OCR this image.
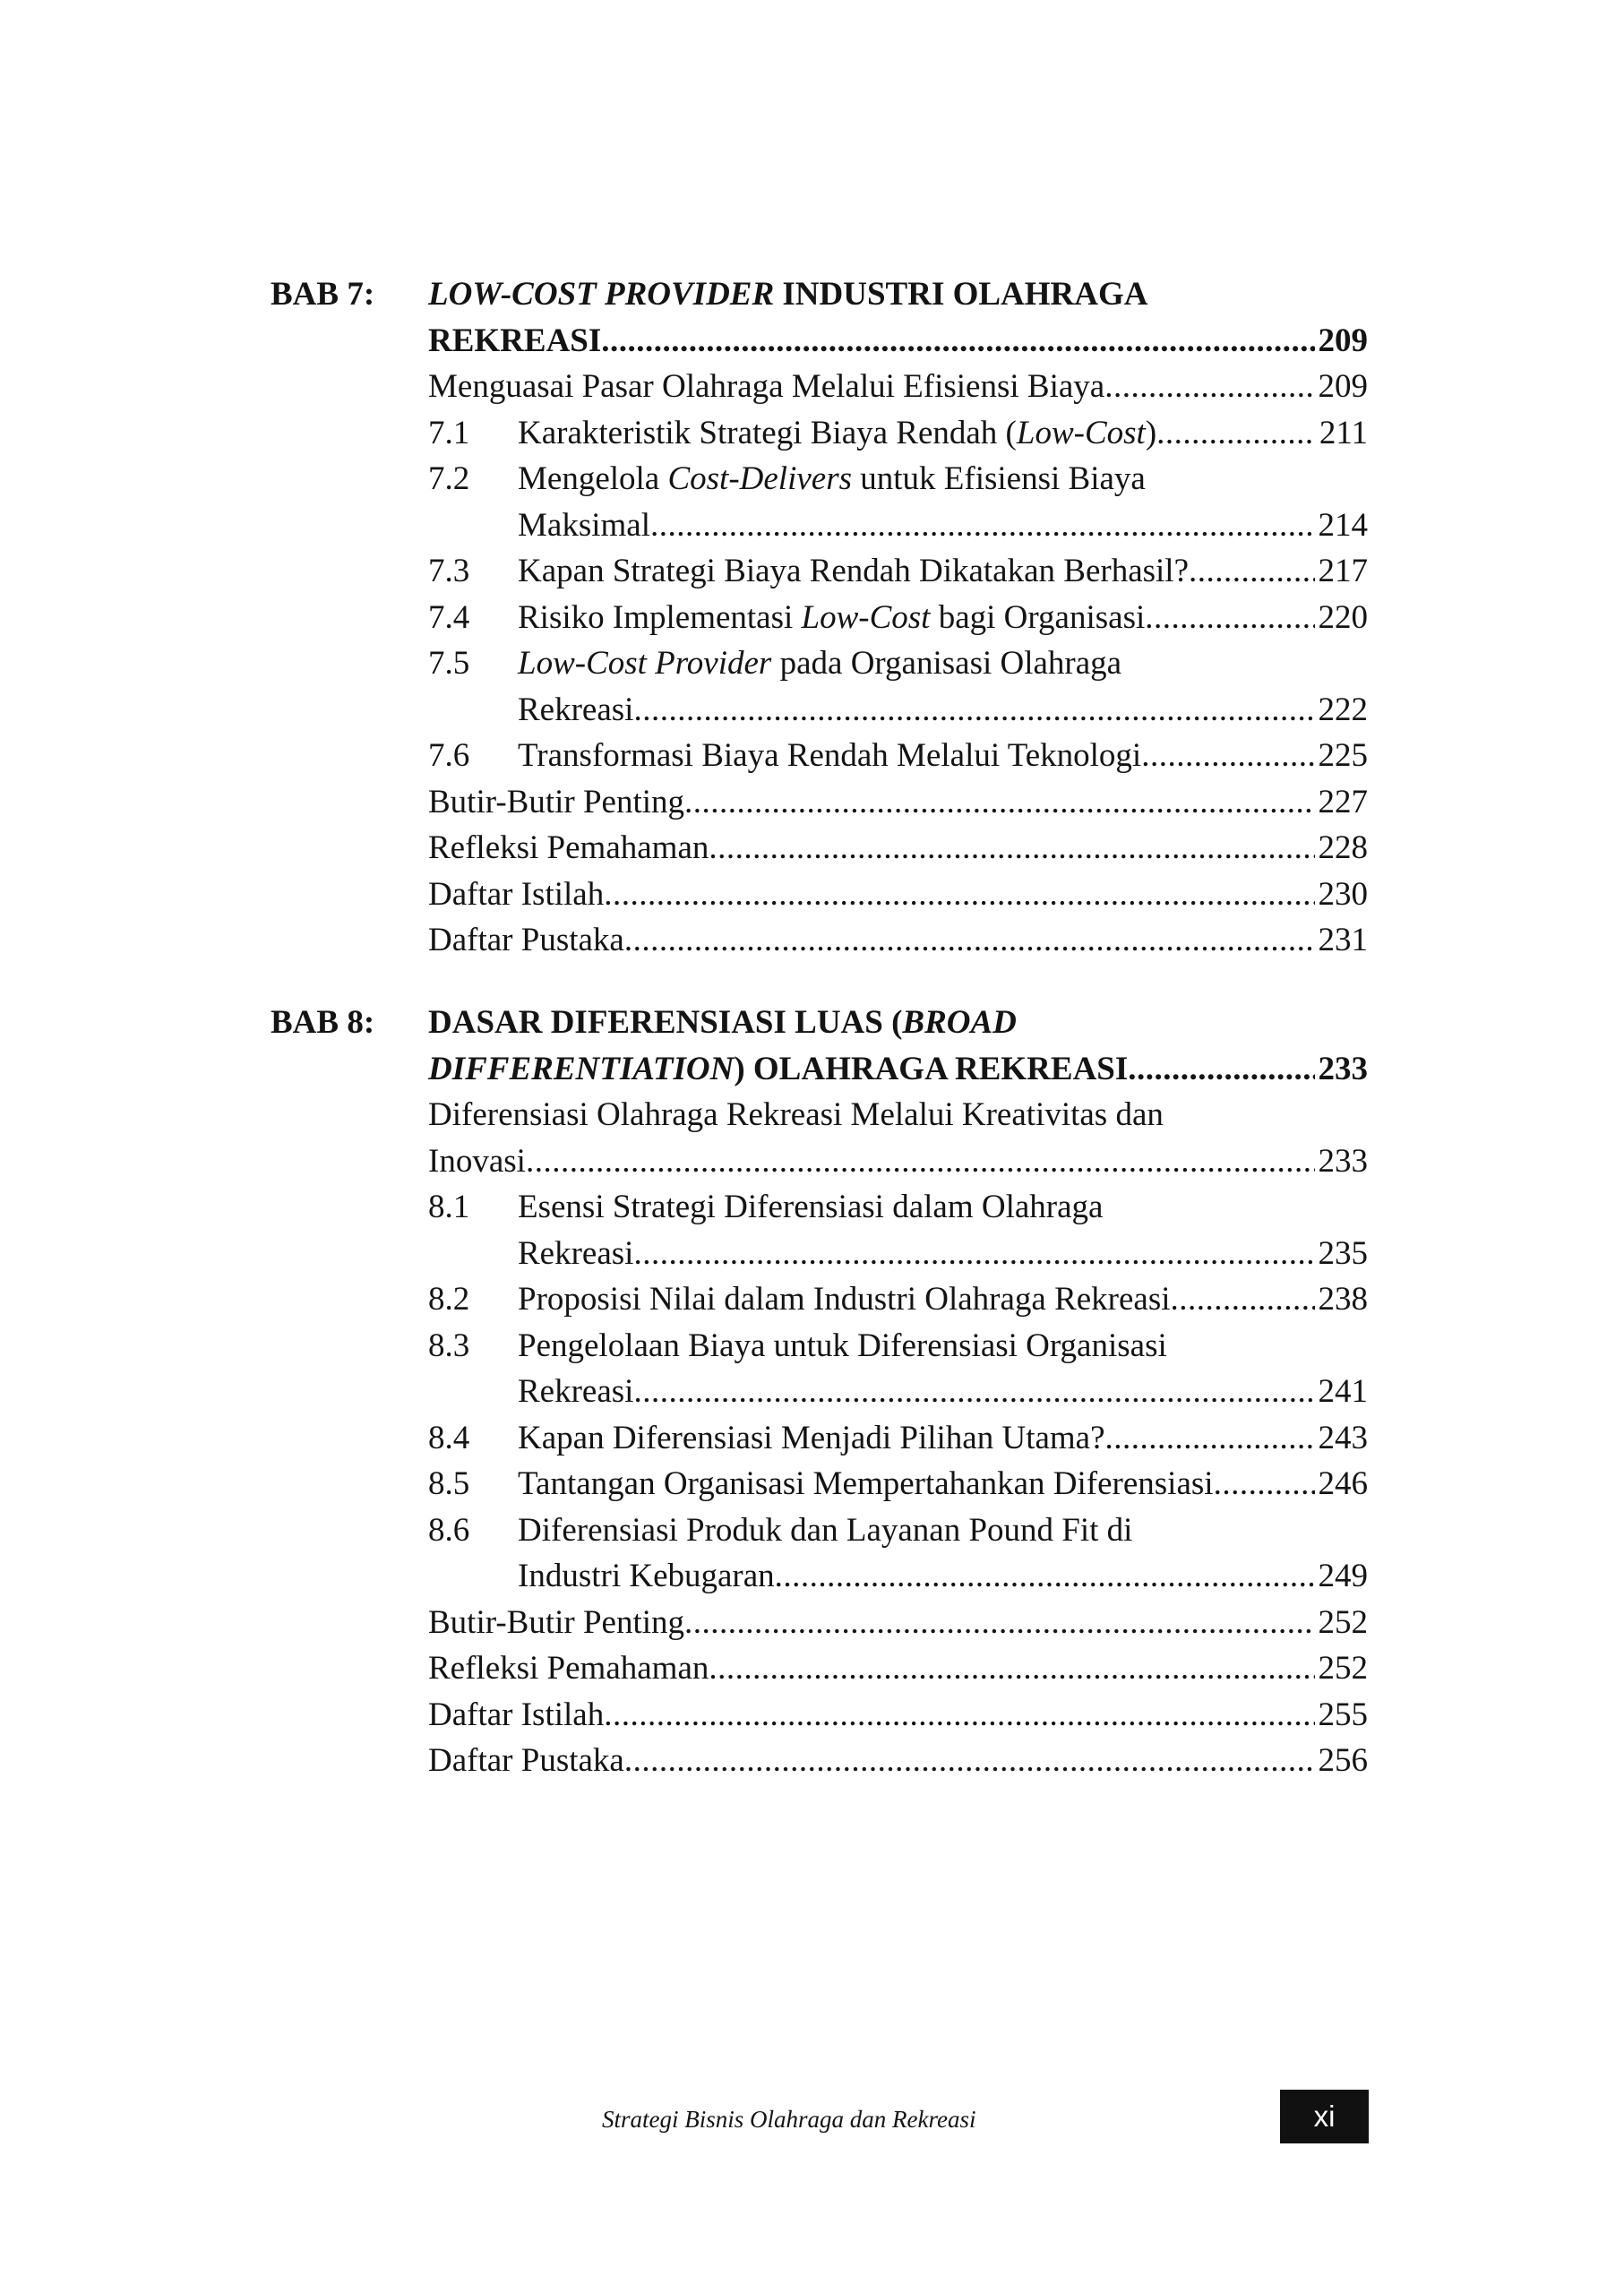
BAB 7: LOW-COST PROVIDER INDUSTRI OLAHRAGA
REKREASI .....	209
Menguasai Pasar Olahraga Melalui Efisiensi Biaya .....	209
7.1 Karakteristik Strategi Biaya Rendah (Low-Cost) .....	211
7.2 Mengelola Cost-Delivers untuk Efisiensi Biaya
Maksimal .....	214
7.3 Kapan Strategi Biaya Rendah Dikatakan Berhasil? .....	217
7.4 Risiko Implementasi Low-Cost bagi Organisasi .....	220
7.5 Low-Cost Provider pada Organisasi Olahraga
Rekreasi .....	222
7.6 Transformasi Biaya Rendah Melalui Teknologi .....	225
Butir-Butir Penting .....	227
Refleksi Pemahaman .....	228
Daftar Istilah .....	230
Daftar Pustaka .....	231
BAB 8: DASAR DIFERENSIASI LUAS (BROAD
DIFFERENTIATION) OLAHRAGA REKREASI .....	233
Diferensiasi Olahraga Rekreasi Melalui Kreativitas dan
Inovasi .....	233
8.1 Esensi Strategi Diferensiasi dalam Olahraga
Rekreasi .....	235
8.2 Proposisi Nilai dalam Industri Olahraga Rekreasi .....	238
8.3 Pengelolaan Biaya untuk Diferensiasi Organisasi
Rekreasi .....	241
8.4 Kapan Diferensiasi Menjadi Pilihan Utama? .....	243
8.5 Tantangan Organisasi Mempertahankan Diferensiasi .....	246
8.6 Diferensiasi Produk dan Layanan Pound Fit di
Industri Kebugaran .....	249
Butir-Butir Penting .....	252
Refleksi Pemahaman .....	252
Daftar Istilah .....	255
Daftar Pustaka .....	256
Strategi Bisnis Olahraga dan Rekreasi	xi
